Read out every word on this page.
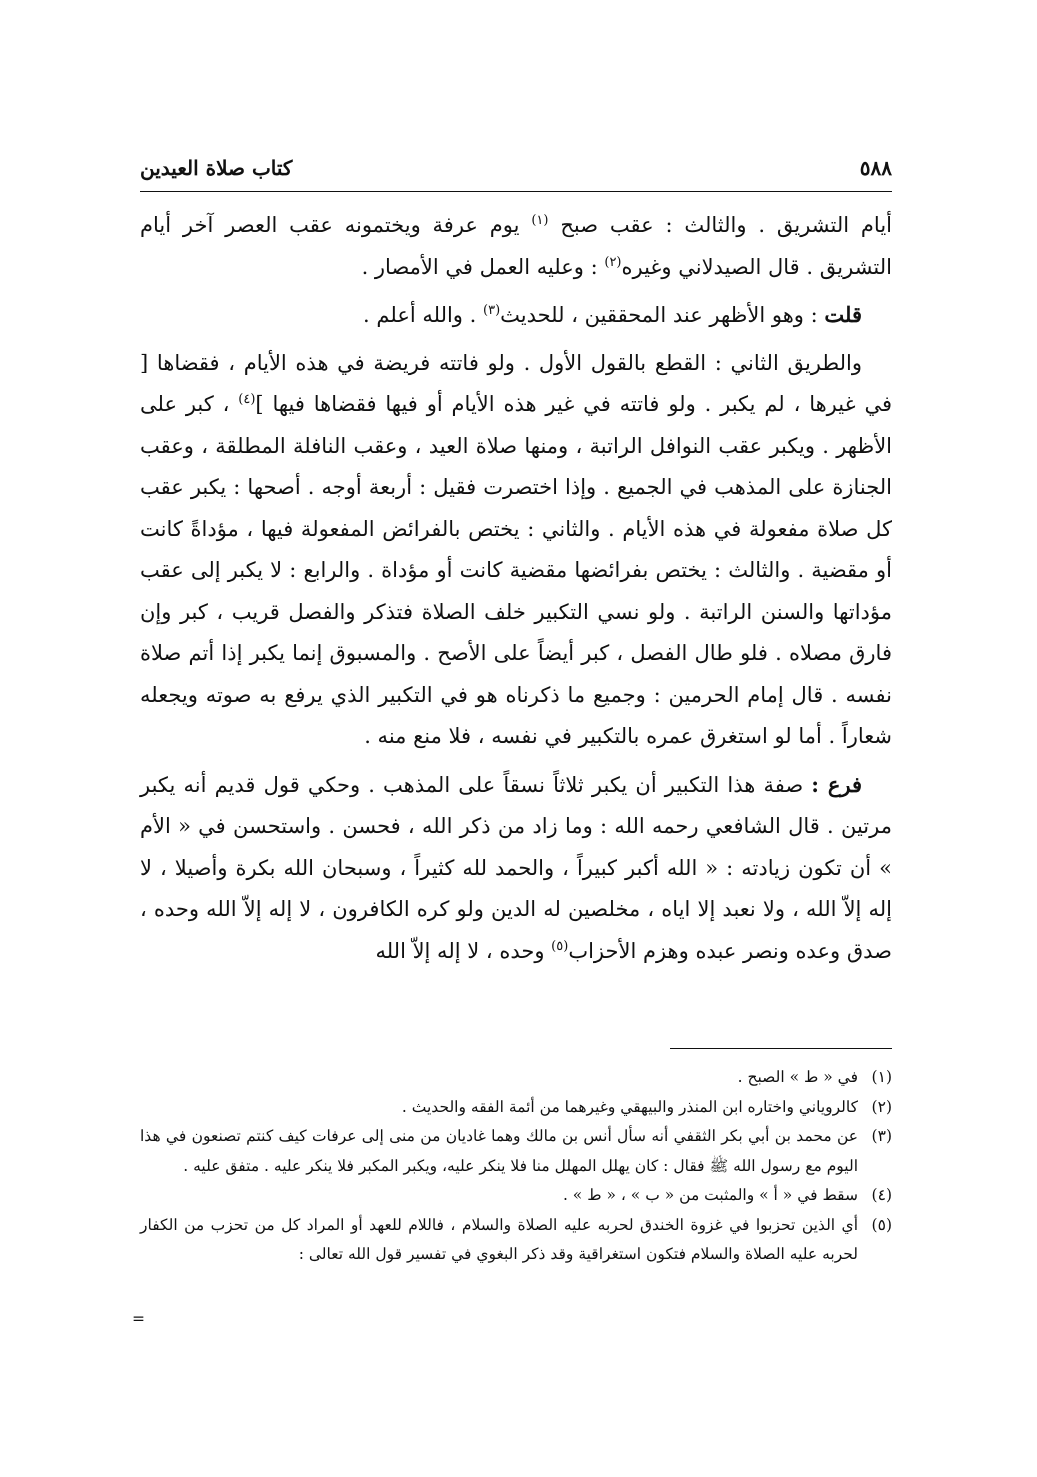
٥٨٨
كتاب صلاة العيدين

أيام التشريق . والثالث : عقب صبح $^{(١)}$ يوم عرفة ويختمونه عقب العصر آخر أيام التشريق . قال الصيدلاني وغيره$^{(٢)}$ : وعليه العمل في الأمصار .

قلت : وهو الأظهر عند المحققين ، للحديث$^{(٣)}$ . والله أعلم .

والطريق الثاني : القطع بالقول الأول . ولو فاتته فريضة في هذه الأيام ، فقضاها [ في غيرها ، لم يكبر . ولو فاتته في غير هذه الأيام أو فيها فقضاها فيها ]$^{(٤)}$ ، كبر على الأظهر . ويكبر عقب النوافل الراتبة ، ومنها صلاة العيد ، وعقب النافلة المطلقة ، وعقب الجنازة على المذهب في الجميع . وإذا اختصرت فقيل : أربعة أوجه . أصحها : يكبر عقب كل صلاة مفعولة في هذه الأيام . والثاني : يختص بالفرائض المفعولة فيها ، مؤداةً كانت أو مقضية . والثالث : يختص بفرائضها مقضية كانت أو مؤداة . والرابع : لا يكبر إلى عقب مؤداتها والسنن الراتبة . ولو نسي التكبير خلف الصلاة فتذكر والفصل قريب ، كبر وإن فارق مصلاه . فلو طال الفصل ، كبر أيضاً على الأصح . والمسبوق إنما يكبر إذا أتم صلاة نفسه . قال إمام الحرمين : وجميع ما ذكرناه هو في التكبير الذي يرفع به صوته ويجعله شعاراً . أما لو استغرق عمره بالتكبير في نفسه ، فلا منع منه .

فرع : صفة هذا التكبير أن يكبر ثلاثاً نسقاً على المذهب . وحكي قول قديم أنه يكبر مرتين . قال الشافعي رحمه الله : وما زاد من ذكر الله ، فحسن . واستحسن في « الأم » أن تكون زيادته : « الله أكبر كبيراً ، والحمد لله كثيراً ، وسبحان الله بكرة وأصيلا ، لا إله إلاّ الله ، ولا نعبد إلا اياه ، مخلصين له الدين ولو كره الكافرون ، لا إله إلاّ الله وحده ، صدق وعده ونصر عبده وهزم الأحزاب$^{(٥)}$ وحده ، لا إله إلاّ الله

(١)
في « ط » الصبح .
(٢)
كالروياني واختاره ابن المنذر والبيهقي وغيرهما من أئمة الفقه والحديث .
(٣)
عن محمد بن أبي بكر الثقفي أنه سأل أنس بن مالك وهما غاديان من منى إلى عرفات كيف كنتم تصنعون في هذا اليوم مع رسول الله ﷺ فقال : كان يهلل المهلل منا فلا ينكر عليه، ويكبر المكبر فلا ينكر عليه . متفق عليه .
(٤)
سقط في « أ » والمثبت من « ب » ، « ط » .
(٥)
أي الذين تحزبوا في غزوة الخندق لحربه عليه الصلاة والسلام ، فاللام للعهد أو المراد كل من تحزب من الكفار لحربه عليه الصلاة والسلام فتكون استغراقية وقد ذكر البغوي في تفسير قول الله تعالى :
=
